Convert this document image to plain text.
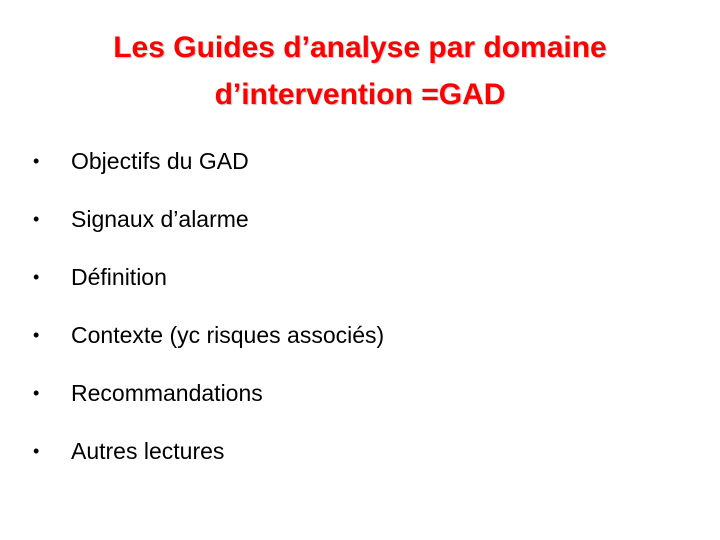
Les Guides d’analyse par domaine
d’intervention =GAD
•	Objectifs du GAD
•	Signaux d’alarme
•	Définition
•	Contexte (yc risques associés)
•	Recommandations
•	Autres lectures
